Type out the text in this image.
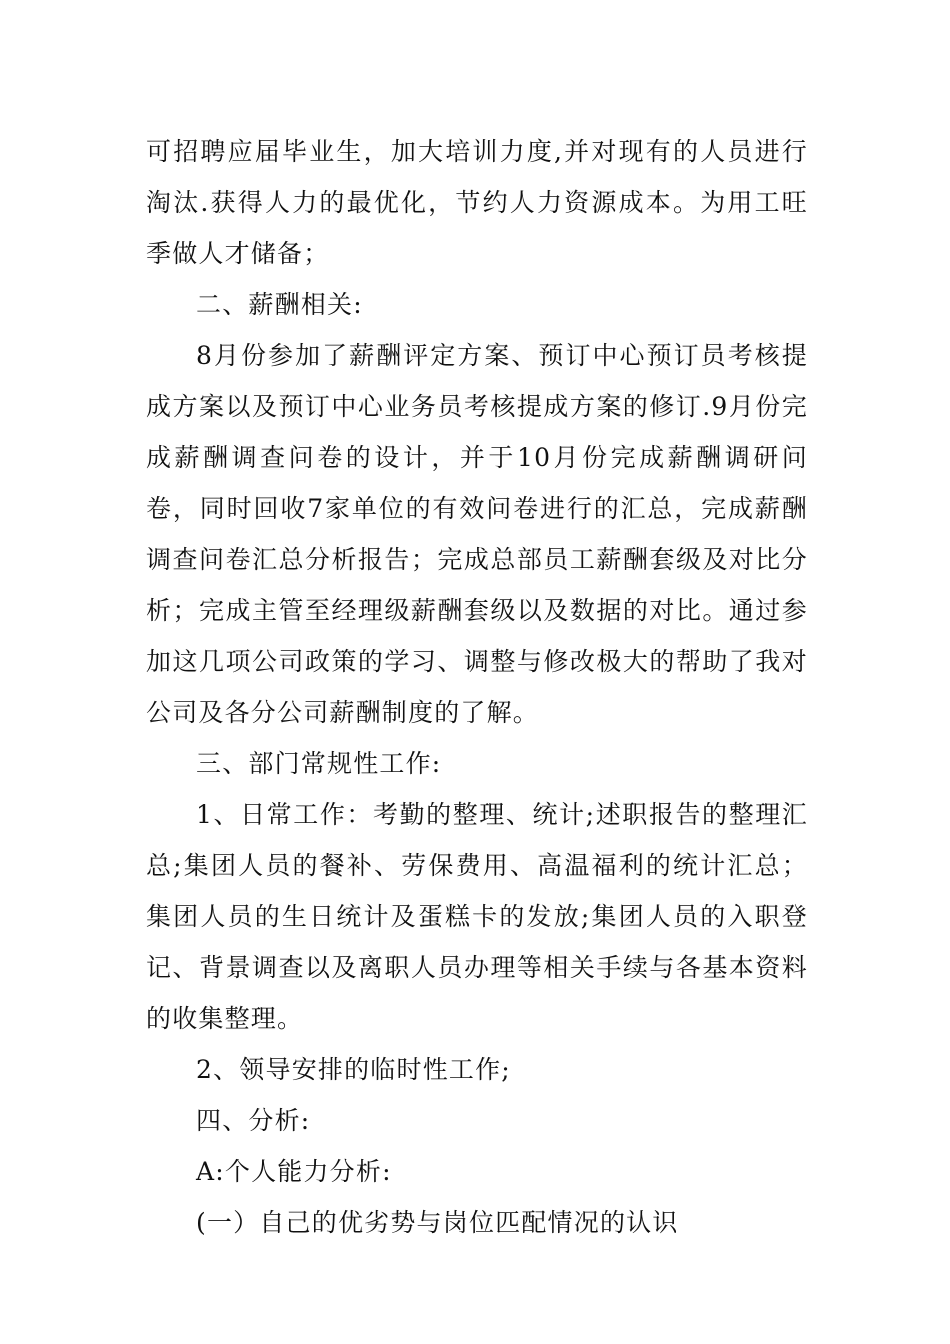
可招聘应届毕业生，加大培训力度,并对现有的人员进行淘汰.获得人力的最优化，节约人力资源成本。为用工旺季做人才储备；

二、薪酬相关:

8月份参加了薪酬评定方案、预订中心预订员考核提成方案以及预订中心业务员考核提成方案的修订.9月份完成薪酬调查问卷的设计，并于10月份完成薪酬调研问卷，同时回收7家单位的有效问卷进行的汇总，完成薪酬调查问卷汇总分析报告；完成总部员工薪酬套级及对比分析；完成主管至经理级薪酬套级以及数据的对比。通过参加这几项公司政策的学习、调整与修改极大的帮助了我对公司及各分公司薪酬制度的了解。

三、部门常规性工作:

1、日常工作：考勤的整理、统计;述职报告的整理汇总;集团人员的餐补、劳保费用、高温福利的统计汇总；集团人员的生日统计及蛋糕卡的发放;集团人员的入职登记、背景调查以及离职人员办理等相关手续与各基本资料的收集整理。

2、领导安排的临时性工作;

四、分析:

A:个人能力分析:

(一）自己的优劣势与岗位匹配情况的认识
